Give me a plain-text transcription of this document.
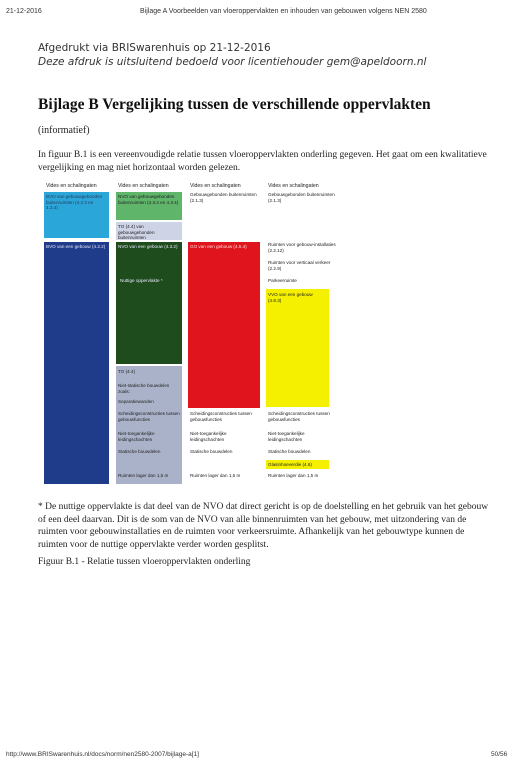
21-12-2016	Bijlage A Voorbeelden van vloeroppervlakten en inhouden van gebouwen volgens NEN 2580
Afgedrukt via BRISwarenhuis op 21-12-2016
Deze afdruk is uitsluitend bedoeld voor licentiehouder gem@apeldoorn.nl
Bijlage B Vergelijking tussen de verschillende oppervlakten
(informatief)
In figuur B.1 is een vereenvoudigde relatie tussen vloeroppervlakten onderling gegeven. Het gaat om een kwalitatieve vergelijking en mag niet horizontaal worden gelezen.
Vides en schalingaten	Vides en schalingaten	Vides en schalingaten	Vides en schalingaten
BVO van gebouwgebonden buitenruimten (4.2.3 en 4.3.4)
BVO van een gebouw (4.2.2)
NVO van gebouwgebonden buitenruimten (4.3.3 en 4.3.4)
TO (4.4) van gebouwgebonden buitenruimten
NVO van een gebouw (4.3.2)
Nuttige oppervlakte *
TO (4.4)
Niet-statische bouwdelen zoals:
Separatiewanden
Scheidingsconstructies tussen gebouwfuncties
Niet-toegankelijke leidingschachten
Statische bouwdelen
Ruimten lager dan 1,5 m
Gebouwgebonden buitenruimten (2.1.3)
GO van een gebouw (4.5.4)
Scheidingsconstructies tussen gebouwfuncties
Niet-toegankelijke leidingschachten
Statische bouwdelen
Ruimten lager dan 1,5 m
Gebouwgebonden buitenruimten (2.1.3)
Ruimten voor gebouw-installaties (2.2.12)
Ruimten voor verticaal verkeer (2.2.9)
Parkeerruimte
VVO van een gebouw (4.8.3)
Scheidingsconstructies tussen gebouwfuncties
Niet-toegankelijke leidingschachten
Statische bouwdelen
Glasinhoeverdie (4.6)
Ruimten lager dan 1,5 m
* De nuttige oppervlakte is dat deel van de NVO dat direct gericht is op de doelstelling en het gebruik van het gebouw of een deel daarvan. Dit is de som van de NVO van alle binnenruimten van het gebouw, met uitzondering van de ruimten voor gebouwinstallaties en de ruimten voor verkeersruimte. Afhankelijk van het gebouwtype kunnen de ruimten voor de nuttige oppervlakte verder worden gesplitst.
Figuur B.1 - Relatie tussen vloeroppervlakten onderling
http://www.BRISwarenhuis.nl/docs/norm/nen2580-2007/bijlage-a[1]	50/56
